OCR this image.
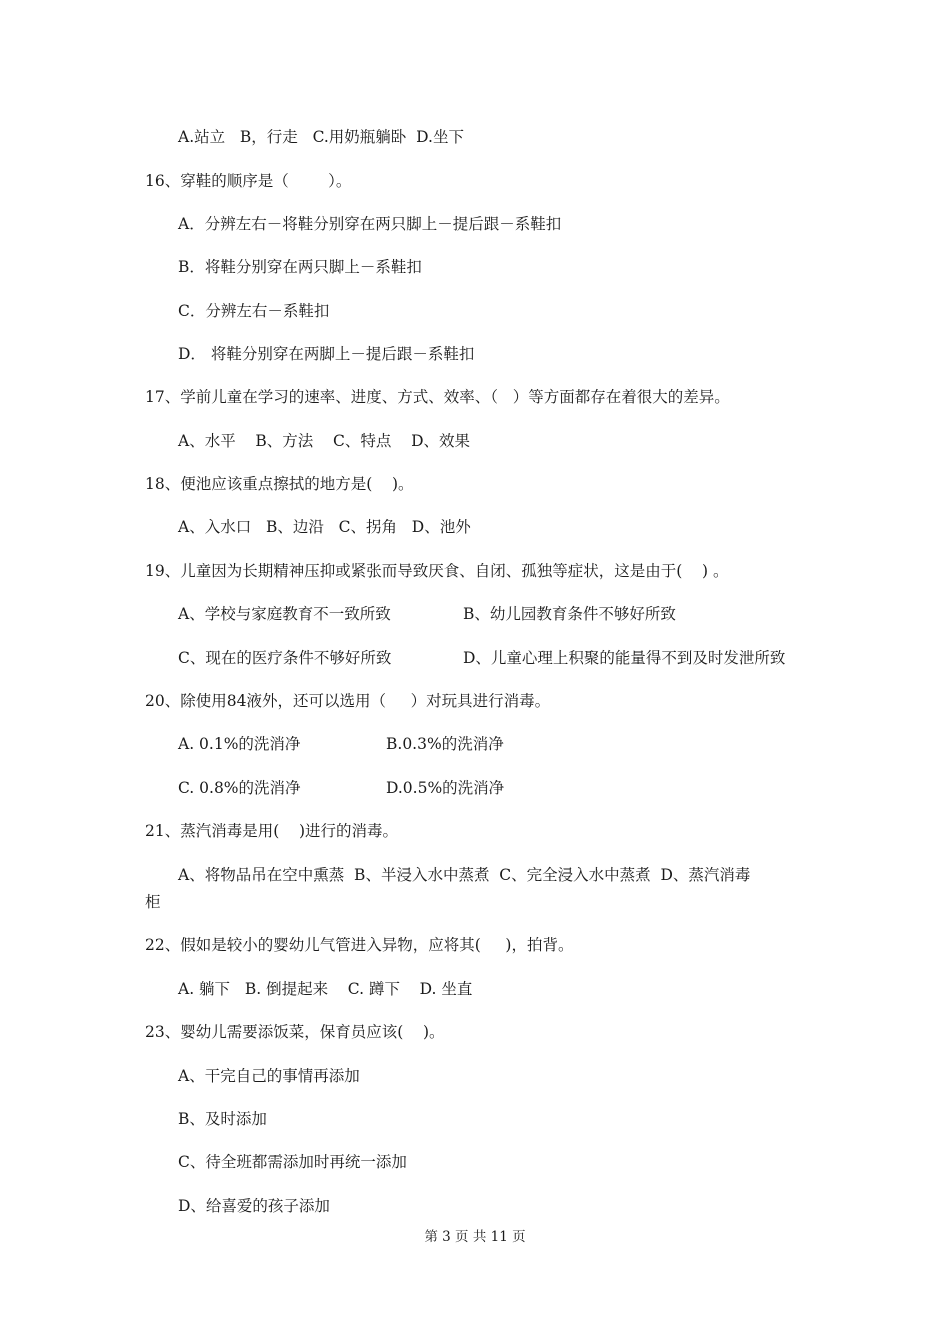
A.站立   B，行走   C.用奶瓶躺卧  D.坐下
16、穿鞋的顺序是（        ）。
A．分辨左右－将鞋分别穿在两只脚上－提后跟－系鞋扣
B．将鞋分别穿在两只脚上－系鞋扣
C．分辨左右－系鞋扣
D． 将鞋分别穿在两脚上－提后跟－系鞋扣
17、学前儿童在学习的速率、进度、方式、效率、（   ）等方面都存在着很大的差异。
A、水平    B、方法    C、特点    D、效果
18、便池应该重点擦拭的地方是(    )。
A、入水口   B、边沿   C、拐角   D、池外
19、儿童因为长期精神压抑或紧张而导致厌食、自闭、孤独等症状，这是由于(    ) 。
A、学校与家庭教育不一致所致	B、幼儿园教育条件不够好所致
C、现在的医疗条件不够好所致	D、儿童心理上积聚的能量得不到及时发泄所致
20、除使用84液外，还可以选用（     ）对玩具进行消毒。
A. 0.1%的洗消净	B.0.3%的洗消净
C. 0.8%的洗消净	D.0.5%的洗消净
21、蒸汽消毒是用(    )进行的消毒。
A、将物品吊在空中熏蒸  B、半浸入水中蒸煮  C、完全浸入水中蒸煮  D、蒸汽消毒
柜
22、假如是较小的婴幼儿气管进入异物，应将其(     )，拍背。
A. 躺下   B. 倒提起来    C. 蹲下    D. 坐直
23、婴幼儿需要添饭菜，保育员应该(    )。
A、干完自己的事情再添加
B、及时添加
C、待全班都需添加时再统一添加
D、给喜爱的孩子添加
第 3 页 共 11 页
